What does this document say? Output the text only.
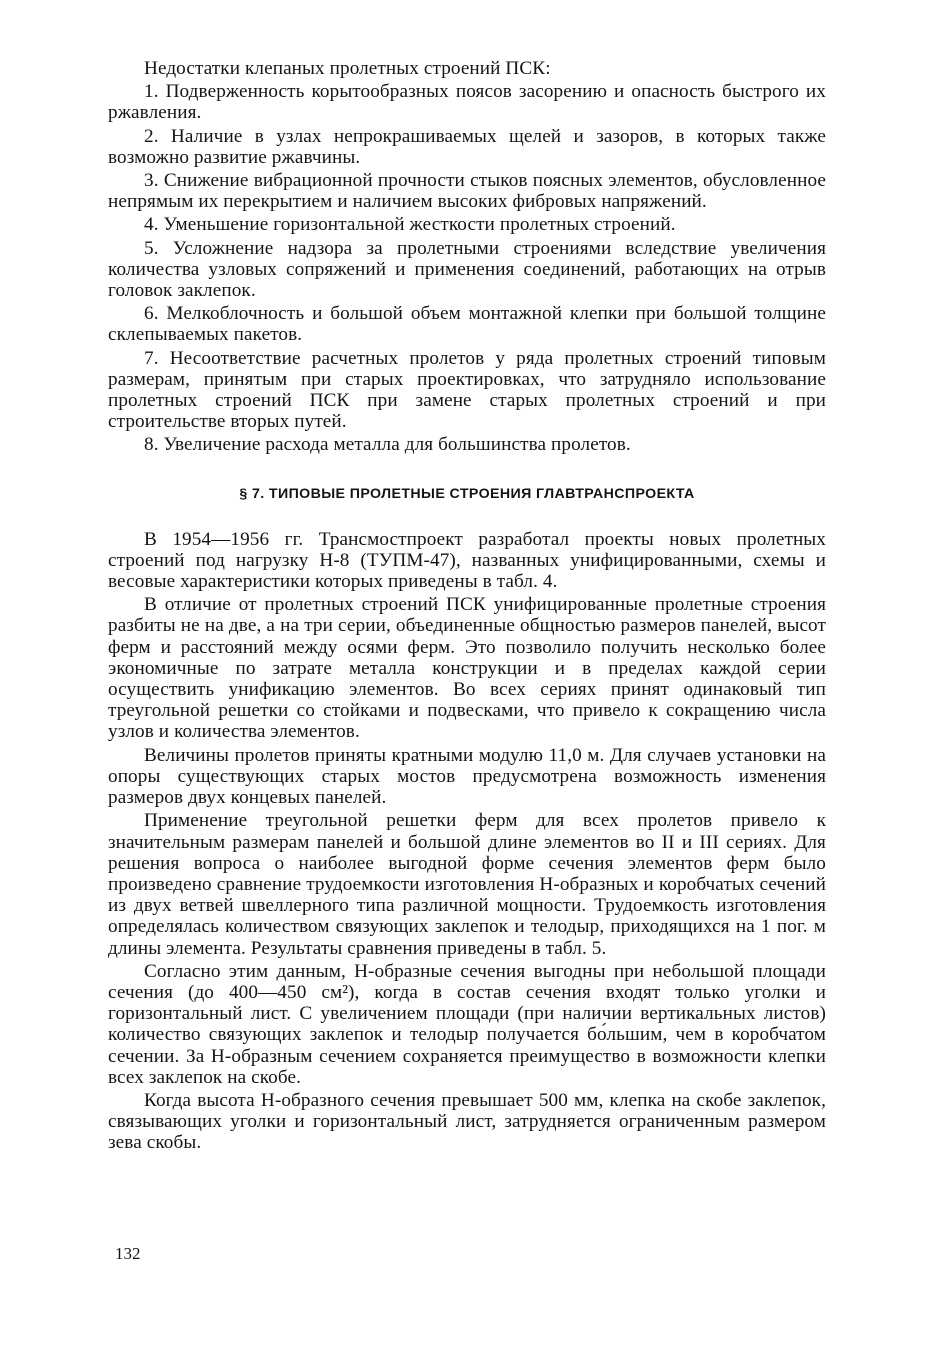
Недостатки клепаных пролетных строений ПСК:

1. Подверженность корытообразных поясов засорению и опасность быстрого их ржавления.

2. Наличие в узлах непрокрашиваемых щелей и зазоров, в которых также возможно развитие ржавчины.

3. Снижение вибрационной прочности стыков поясных элементов, обусловленное непрямым их перекрытием и наличием высоких фибровых напряжений.

4. Уменьшение горизонтальной жесткости пролетных строений.

5. Усложнение надзора за пролетными строениями вследствие увеличения количества узловых сопряжений и применения соединений, работающих на отрыв головок заклепок.

6. Мелкоблочность и большой объем монтажной клепки при большой толщине склепываемых пакетов.

7. Несоответствие расчетных пролетов у ряда пролетных строений типовым размерам, принятым при старых проектировках, что затрудняло использование пролетных строений ПСК при замене старых пролетных строений и при строительстве вторых путей.

8. Увеличение расхода металла для большинства пролетов.

§ 7. ТИПОВЫЕ ПРОЛЕТНЫЕ СТРОЕНИЯ ГЛАВТРАНСПРОЕКТА

В 1954—1956 гг. Трансмостпроект разработал проекты новых пролетных строений под нагрузку Н-8 (ТУПМ-47), названных унифицированными, схемы и весовые характеристики которых приведены в табл. 4.

В отличие от пролетных строений ПСК унифицированные пролетные строения разбиты не на две, а на три серии, объединенные общностью размеров панелей, высот ферм и расстояний между осями ферм. Это позволило получить несколько более экономичные по затрате металла конструкции и в пределах каждой серии осуществить унификацию элементов. Во всех сериях принят одинаковый тип треугольной решетки со стойками и подвесками, что привело к сокращению числа узлов и количества элементов.

Величины пролетов приняты кратными модулю 11,0 м. Для случаев установки на опоры существующих старых мостов предусмотрена возможность изменения размеров двух концевых панелей.

Применение треугольной решетки ферм для всех пролетов привело к значительным размерам панелей и большой длине элементов во II и III сериях. Для решения вопроса о наиболее выгодной форме сечения элементов ферм было произведено сравнение трудоемкости изготовления Н-образных и коробчатых сечений из двух ветвей швеллерного типа различной мощности. Трудоемкость изготовления определялась количеством связующих заклепок и телодыр, приходящихся на 1 пог. м длины элемента. Результаты сравнения приведены в табл. 5.

Согласно этим данным, Н-образные сечения выгодны при небольшой площади сечения (до 400—450 см²), когда в состав сечения входят только уголки и горизонтальный лист. С увеличением площади (при наличии вертикальных листов) количество связующих заклепок и телодыр получается бо́льшим, чем в коробчатом сечении. За Н-образным сечением сохраняется преимущество в возможности клепки всех заклепок на скобе.

Когда высота Н-образного сечения превышает 500 мм, клепка на скобе заклепок, связывающих уголки и горизонтальный лист, затрудняется ограниченным размером зева скобы.

132
